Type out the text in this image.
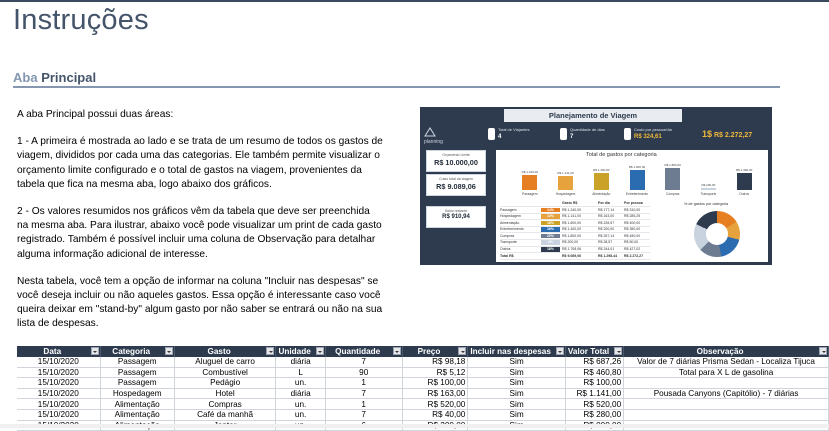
Instruções
Aba Principal

A aba Principal possui duas áreas:

1 - A primeira é mostrada ao lado e se trata de um resumo de todos os gastos de viagem, divididos por cada uma das categorias. Ele também permite visualizar o orçamento limite configurado e o total de gastos na viagem, provenientes da tabela que fica na mesma aba, logo abaixo dos gráficos.

2 - Os valores resumidos nos gráficos vêm da tabela que deve ser preenchida na mesma aba. Para ilustrar, abaixo você pode visualizar um print de cada gasto registrado. Também é possível incluir uma coluna de Observação para detalhar alguma informação adicional de interesse.

Nesta tabela, você tem a opção de informar na coluna "Incluir nas despesas" se você deseja incluir ou não aqueles gastos. Essa opção é interessante caso você queira deixar em "stand-by" algum gasto por não saber se entrará ou não na sua lista de despesas.

Planejamento de Viagem
planning
Total de Viajantes
4
Quantidade de dias
7
Custo por pessoa/dia
R$ 324,61	1$ R$ 2.272,27
Orçamento Limite
R$ 10.000,00
Custo total da viagem
R$ 9.089,06
Saldo restante
R$ 910,94
Total de gastos por categoria
R$ 1.240,00	R$ 1.141,00
R$ 1.400,00
R$ 1.600,00
R$ 1.800,00
R$ 200,00
R$ 1.400,00
Passagem	Hospedagem	Alimentação	Entretenimento	Compras	Transporte	Outros
Gasto R$	Por dia	Por pessoa
Passagem	14%	R$ 1.240,00	R$ 177,14	R$ 310,00
Hospedagem	13%	R$ 1.141,00	R$ 163,00	R$ 285,25
Alimentação	18%	R$ 1.600,00	R$ 228,57	R$ 400,00
Entretenimento	16%	R$ 1.400,00	R$ 200,00	R$ 350,00
Compras	20%	R$ 1.800,00	R$ 257,14	R$ 450,00
Transporte	2%	R$ 200,00	R$ 28,57	R$ 50,00
Outros	18%	R$ 1.708,06	R$ 244,01	R$ 427,02
Total R$	R$ 9.089,06	R$ 1.298,44 R$ 2.272,27
% de gastos por categoria
Data	Categoria	Gasto	Unidade	Quantidade	Preço	Incluir nas despesas	Valor Total	Observação

15/10/2020	Passagem	Aluguel de carro	diária	7	R$ 98,18	Sim	R$ 687,26	Valor de 7 diárias Prisma Sedan - Localiza Tijuca
15/10/2020	Passagem	Combustível	L	90	R$ 5,12	Sim	R$ 460,80	Total para X L de gasolina
15/10/2020	Passagem	Pedágio	un.	1	R$ 100,00	Sim	R$ 100,00	
15/10/2020	Hospedagem	Hotel	diária	7	R$ 163,00	Sim	R$ 1.141,00	Pousada Canyons (Capitólio) - 7 diárias
15/10/2020	Alimentação	Compras	un.	1	R$ 520,00	Sim	R$ 520,00	
15/10/2020	Alimentação	Café da manhã	un.	7	R$ 40,00	Sim	R$ 280,00	
